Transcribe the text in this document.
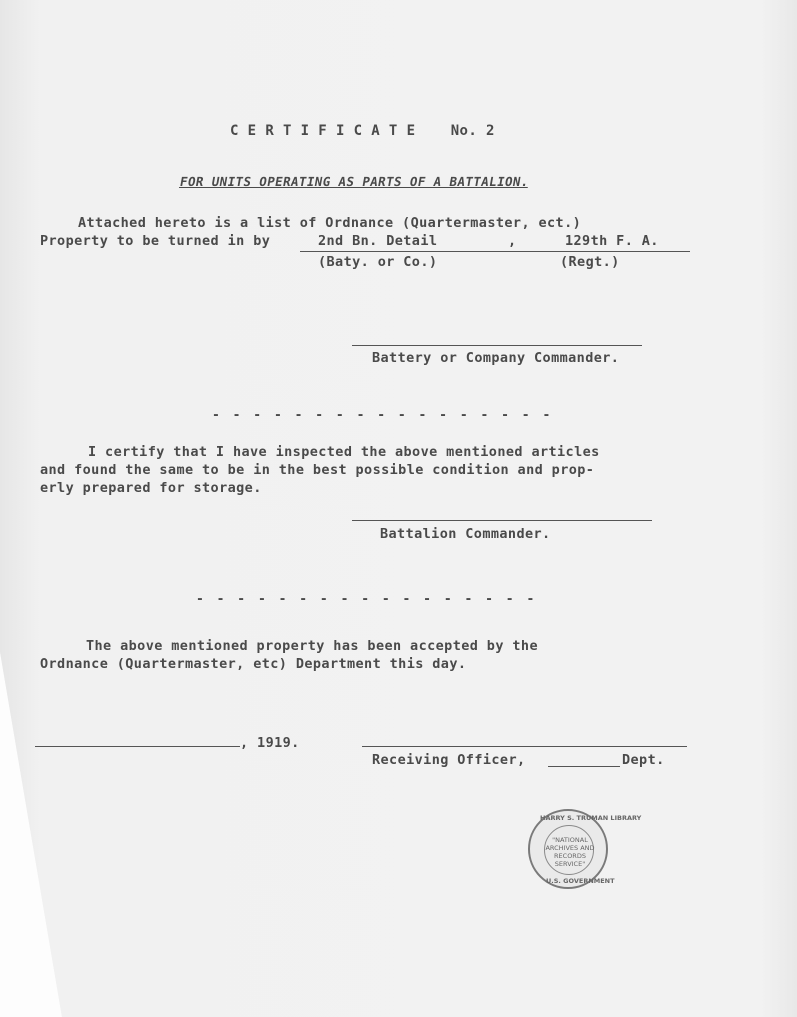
C E R T I F I C A T E    No. 2
FOR UNITS OPERATING AS PARTS OF A BATTALION.
Attached hereto is a list of Ordnance (Quartermaster, ect.)
Property to be turned in by	2nd Bn. Detail	,	129th F. A.
(Baty. or Co.)	(Regt.)
Battery or Company Commander.
- - - - - - - - - - - - - - - - -
I certify that I have inspected the above mentioned articles
and found the same to be in the best possible condition and prop-
erly prepared for storage.
Battalion Commander.
- - - - - - - - - - - - - - - - -
The above mentioned property has been accepted by the
Ordnance (Quartermaster, etc) Department this day.
, 1919.
Receiving Officer,	Dept.
HARRY S. TRUMAN LIBRARY
"NATIONAL ARCHIVES AND RECORDS SERVICE"
U.S. GOVERNMENT
